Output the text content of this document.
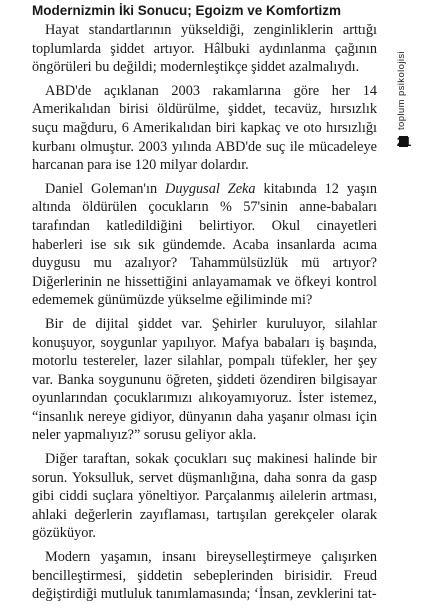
Modernizmin İki Sonucu; Egoizm ve Komfortizm

Hayat standartlarının yükseldiği, zenginliklerin arttığı toplumlarda şiddet artıyor. Hâlbuki aydınlanma çağının öngörüleri bu değildi; modernleştikçe şiddet azalmalıydı.

ABD'de açıklanan 2003 rakamlarına göre her 14 Amerikalıdan birisi öldürülme, şiddet, tecavüz, hırsızlık suçu mağduru, 6 Amerikalıdan biri kapkaç ve oto hırsızlığı kurbanı olmuştur. 2003 yılında ABD'de suç ile mücadeleye harcanan para ise 120 milyar dolardır.

Daniel Goleman'ın Duygusal Zeka kitabında 12 yaşın altında öldürülen çocukların % 57'sinin anne-babaları tarafından katledildiğini belirtiyor. Okul cinayetleri haberleri ise sık sık gündemde. Acaba insanlarda acıma duygusu mu azalıyor? Tahammülsüzlük mü artıyor? Diğerlerinin ne hissettiğini anlayamamak ve öfkeyi kontrol edememek günümüzde yükselme eğiliminde mi?

Bir de dijital şiddet var. Şehirler kuruluyor, silahlar konuşuyor, soygunlar yapılıyor. Mafya babaları iş başında, motorlu testereler, lazer silahlar, pompalı tüfekler, her şey var. Banka soygununu öğreten, şiddeti özendiren bilgisayar oyunlarından çocuklarımızı alıkoyamıyoruz. İster istemez, “insanlık nereye gidiyor, dünyanın daha yaşanır olması için neler yapmalıyız?” sorusu geliyor akla.

Diğer taraftan, sokak çocukları suç makinesi halinde bir sorun. Yoksulluk, servet düşmanlığına, daha sonra da gasp gibi ciddi suçlara yöneltiyor. Parçalanmış ailelerin artması, ahlaki değerlerin zayıflaması, tartışılan gerekçeler olarak gözüküyor.

Modern yaşamın, insanı bireyselleştirmeye çalışırken bencilleştirmesi, şiddetin sebeplerinden birisidir. Freud değiştirdiği mutluluk tanımlamasında; ‘İnsan, zevklerini tat-

toplum psikolojisi
21
